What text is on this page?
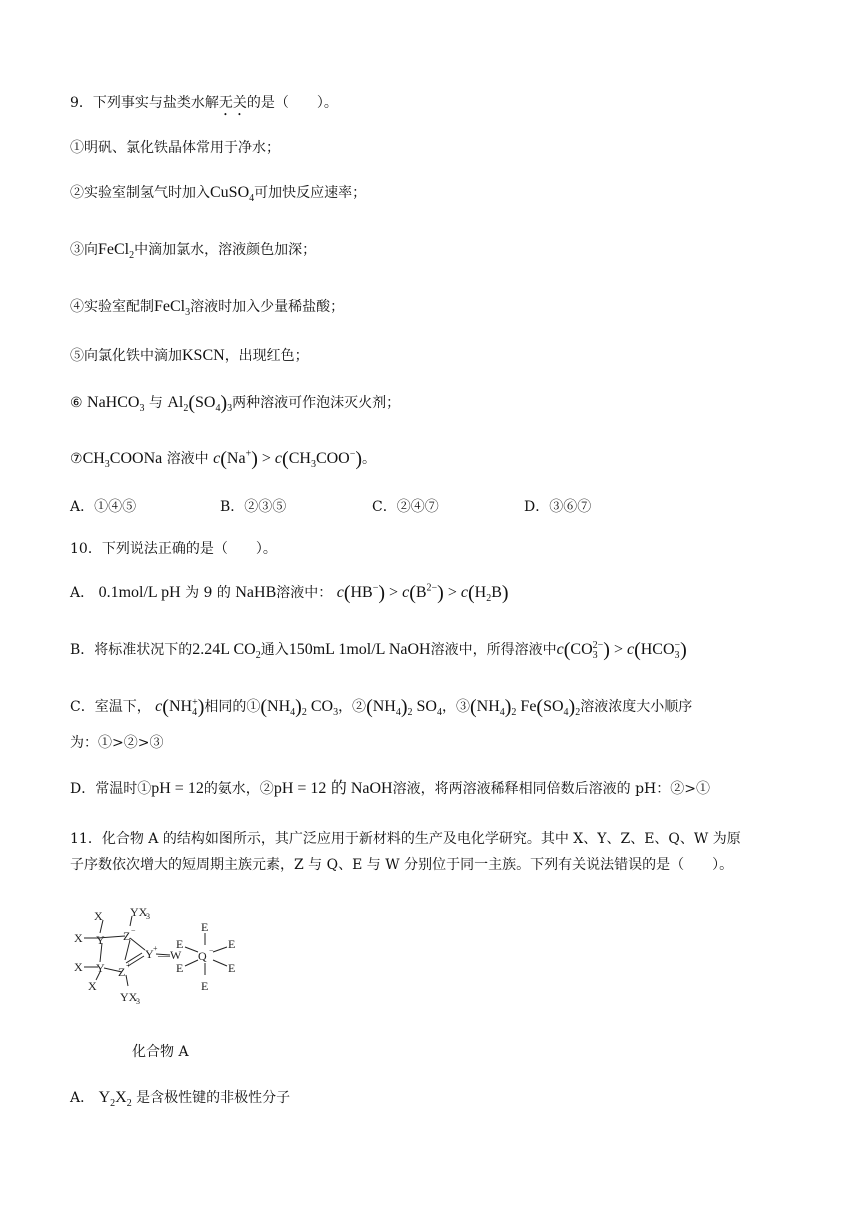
9．下列事实与盐类水解无关的是（　　）。
①明矾、氯化铁晶体常用于净水；
②实验室制氢气时加入CuSO$_4$可加快反应速率；
③向FeCl$_2$中滴加氯水，溶液颜色加深；
④实验室配制FeCl$_3$溶液时加入少量稀盐酸；
⑤向氯化铁中滴加KSCN，出现红色；
⑥ NaHCO$_3$ 与 $Al_2(SO_4)_3$两种溶液可作泡沫灭火剂；
$⑦CH_3COONa$ 溶液中 $c(Na^+) > c(CH_3COO^-)$。
A．①④⑤	B．②③⑤	C．②④⑦	D．③⑥⑦
10．下列说法正确的是（　　）。
A． 0.1mol/L pH 为 9 的 NaHB溶液中： $c(HB^-) > c(B^{2-}) > c(H_2B)$
B．将标准状况下的2.24L $CO_2$通入150mL 1mol/L NaOH溶液中，所得溶液中$c(CO_3^{2-}) > c(HCO_3^-)$
C．室温下， $c(NH_4^+)$相同的$①(NH_4)_2$ $CO_3$，$②(NH_4)_2$ $SO_4$，$③(NH_4)_2$ $Fe(SO_4)_2$溶液浓度大小顺序
为：①>②>③
D．常温时①pH = 12的氨水，②pH = 12 的 NaOH溶液，将两溶液稀释相同倍数后溶液的 pH：②>①
11．化合物 A 的结构如图所示，其广泛应用于新材料的生产及电化学研究。其中 X、Y、Z、E、Q、W 为原
子序数依次增大的短周期主族元素，Z 与 Q、E 与 W 分别位于同一主族。下列有关说法错误的是（　　）。
X YX
3
X Y Z −
Y + —W
X Y Z +
X
YX
3
E
E	E
Q −
E	E
E
化合物 A
A． $Y_2X_2$ 是含极性键的非极性分子
